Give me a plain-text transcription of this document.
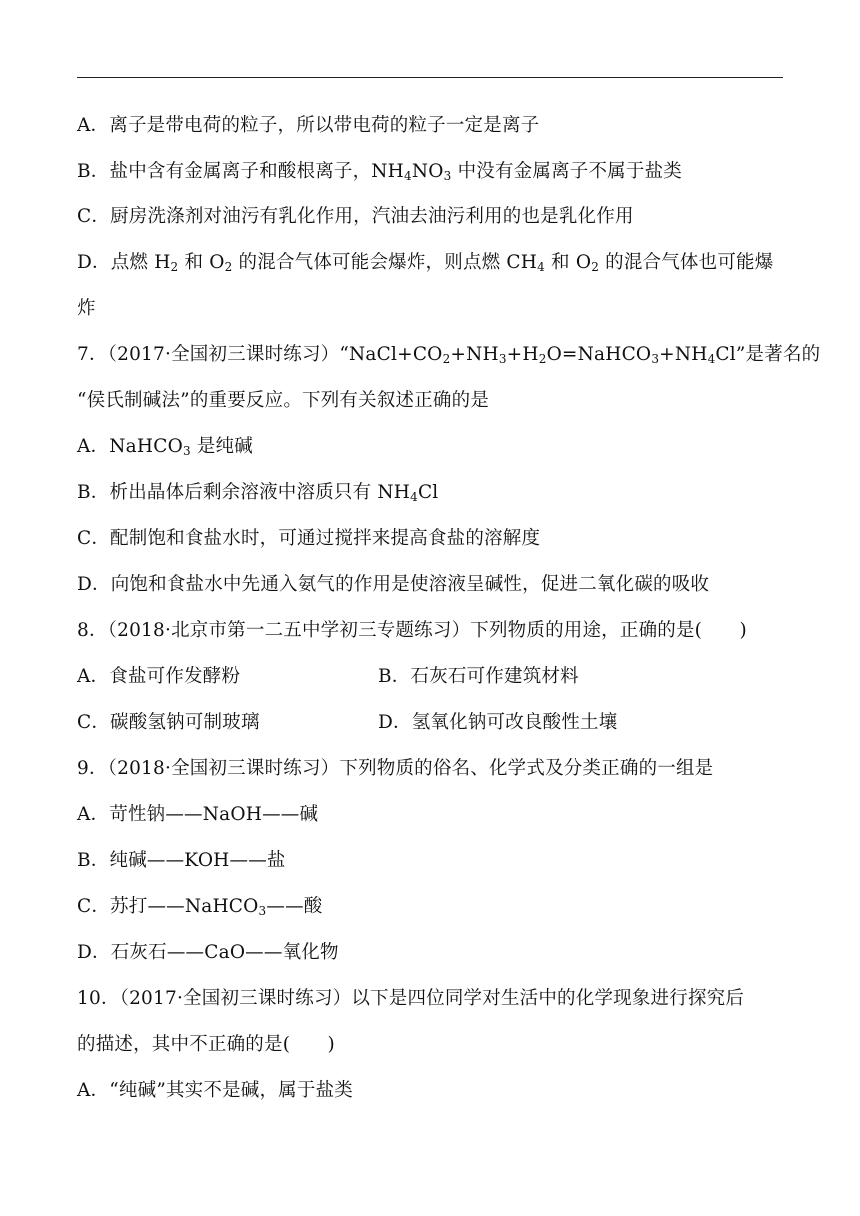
A．离子是带电荷的粒子，所以带电荷的粒子一定是离子
B．盐中含有金属离子和酸根离子，$NH_4NO_3$ 中没有金属离子不属于盐类
C．厨房洗涤剂对油污有乳化作用，汽油去油污利用的也是乳化作用
D．点燃 $H_2$ 和 $O_2$ 的混合气体可能会爆炸，则点燃 $CH_4$ 和 $O_2$ 的混合气体也可能爆
炸
7．（2017·全国初三课时练习）“$NaCl+CO_2+NH_3+H_2O=NaHCO_3+NH_4Cl$”是著名的
“侯氏制碱法”的重要反应。下列有关叙述正确的是
A．NaHCO$_3$ 是纯碱
B．析出晶体后剩余溶液中溶质只有 $NH_4Cl$
C．配制饱和食盐水时，可通过搅拌来提高食盐的溶解度
D．向饱和食盐水中先通入氨气的作用是使溶液呈碱性，促进二氧化碳的吸收
8．（2018·北京市第一二五中学初三专题练习）下列物质的用途，正确的是(　　)
A．食盐可作发酵粉	B．石灰石可作建筑材料
C．碳酸氢钠可制玻璃	D．氢氧化钠可改良酸性土壤
9．（2018·全国初三课时练习）下列物质的俗名、化学式及分类正确的一组是
A．苛性钠——NaOH——碱
B．纯碱——KOH——盐
C．苏打——NaHCO$_3$——酸
D．石灰石——CaO——氧化物
10．（2017·全国初三课时练习）以下是四位同学对生活中的化学现象进行探究后
的描述，其中不正确的是(　　)
A．“纯碱”其实不是碱，属于盐类
